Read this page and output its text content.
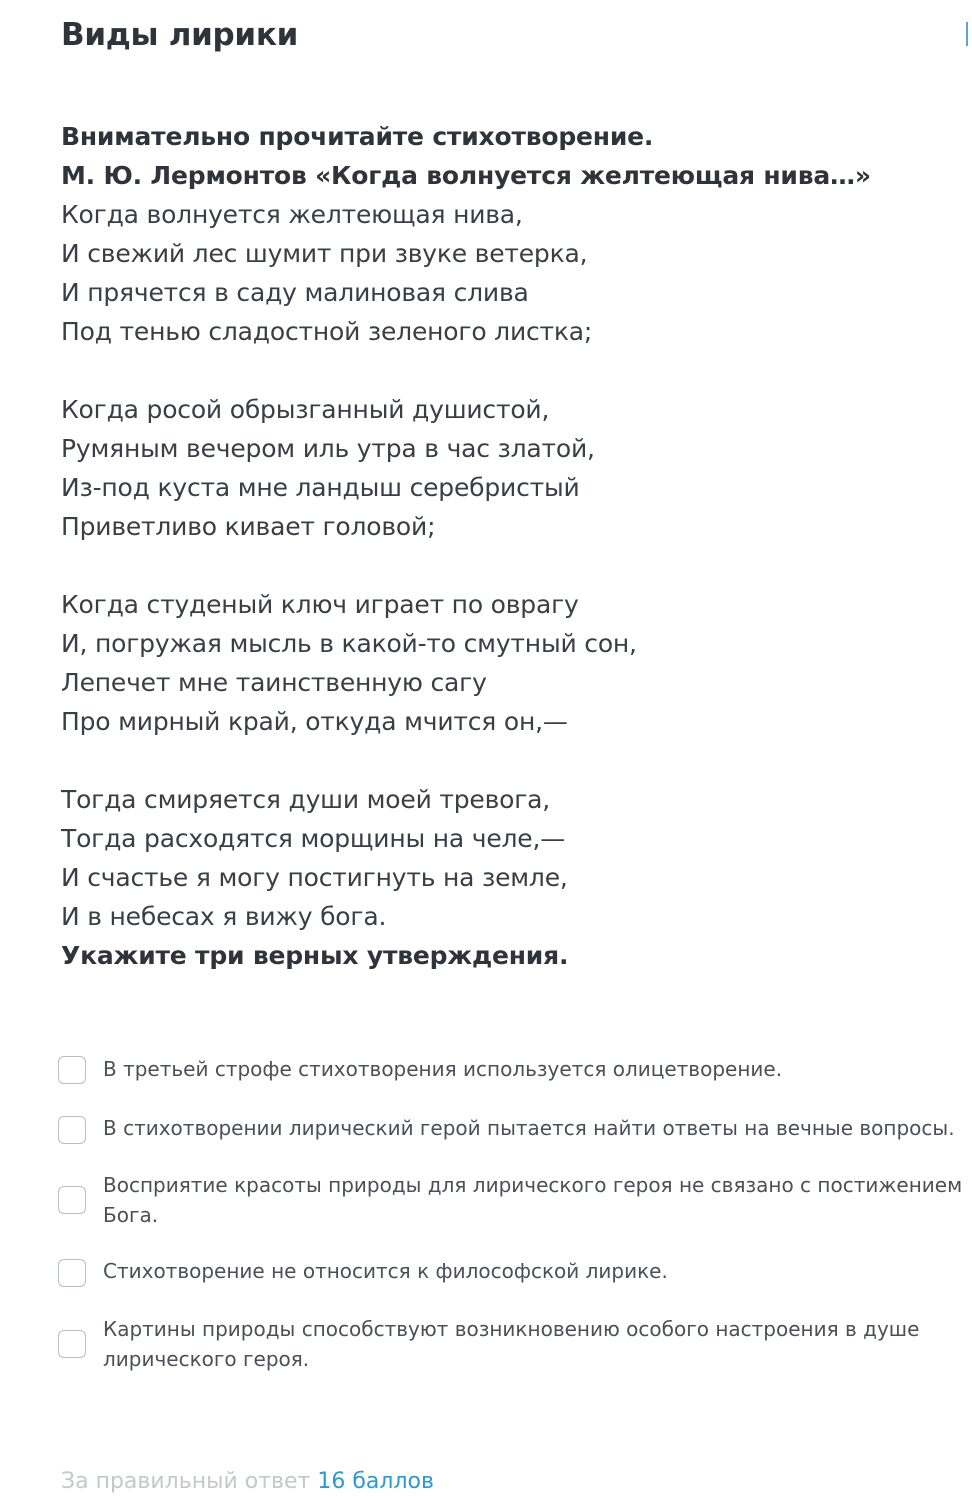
Виды лирики
Внимательно прочитайте стихотворение.
М. Ю. Лермонтов «Когда волнуется желтеющая нива…»
Когда волнуется желтеющая нива,
И свежий лес шумит при звуке ветерка,
И прячется в саду малиновая слива
Под тенью сладостной зеленого листка;
Когда росой обрызганный душистой,
Румяным вечером иль утра в час златой,
Из-под куста мне ландыш серебристый
Приветливо кивает головой;
Когда студеный ключ играет по оврагу
И, погружая мысль в какой-то смутный сон,
Лепечет мне таинственную сагу
Про мирный край, откуда мчится он,—
Тогда смиряется души моей тревога,
Тогда расходятся морщины на челе,—
И счастье я могу постигнуть на земле,
И в небесах я вижу бога.
Укажите три верных утверждения.
В третьей строфе стихотворения используется олицетворение.
В стихотворении лирический герой пытается найти ответы на вечные вопросы.
Восприятие красоты природы для лирического героя не связано с постижением Бога.
Стихотворение не относится к философской лирике.
Картины природы способствуют возникновению особого настроения в душе лирического героя.
За правильный ответ 16 баллов
